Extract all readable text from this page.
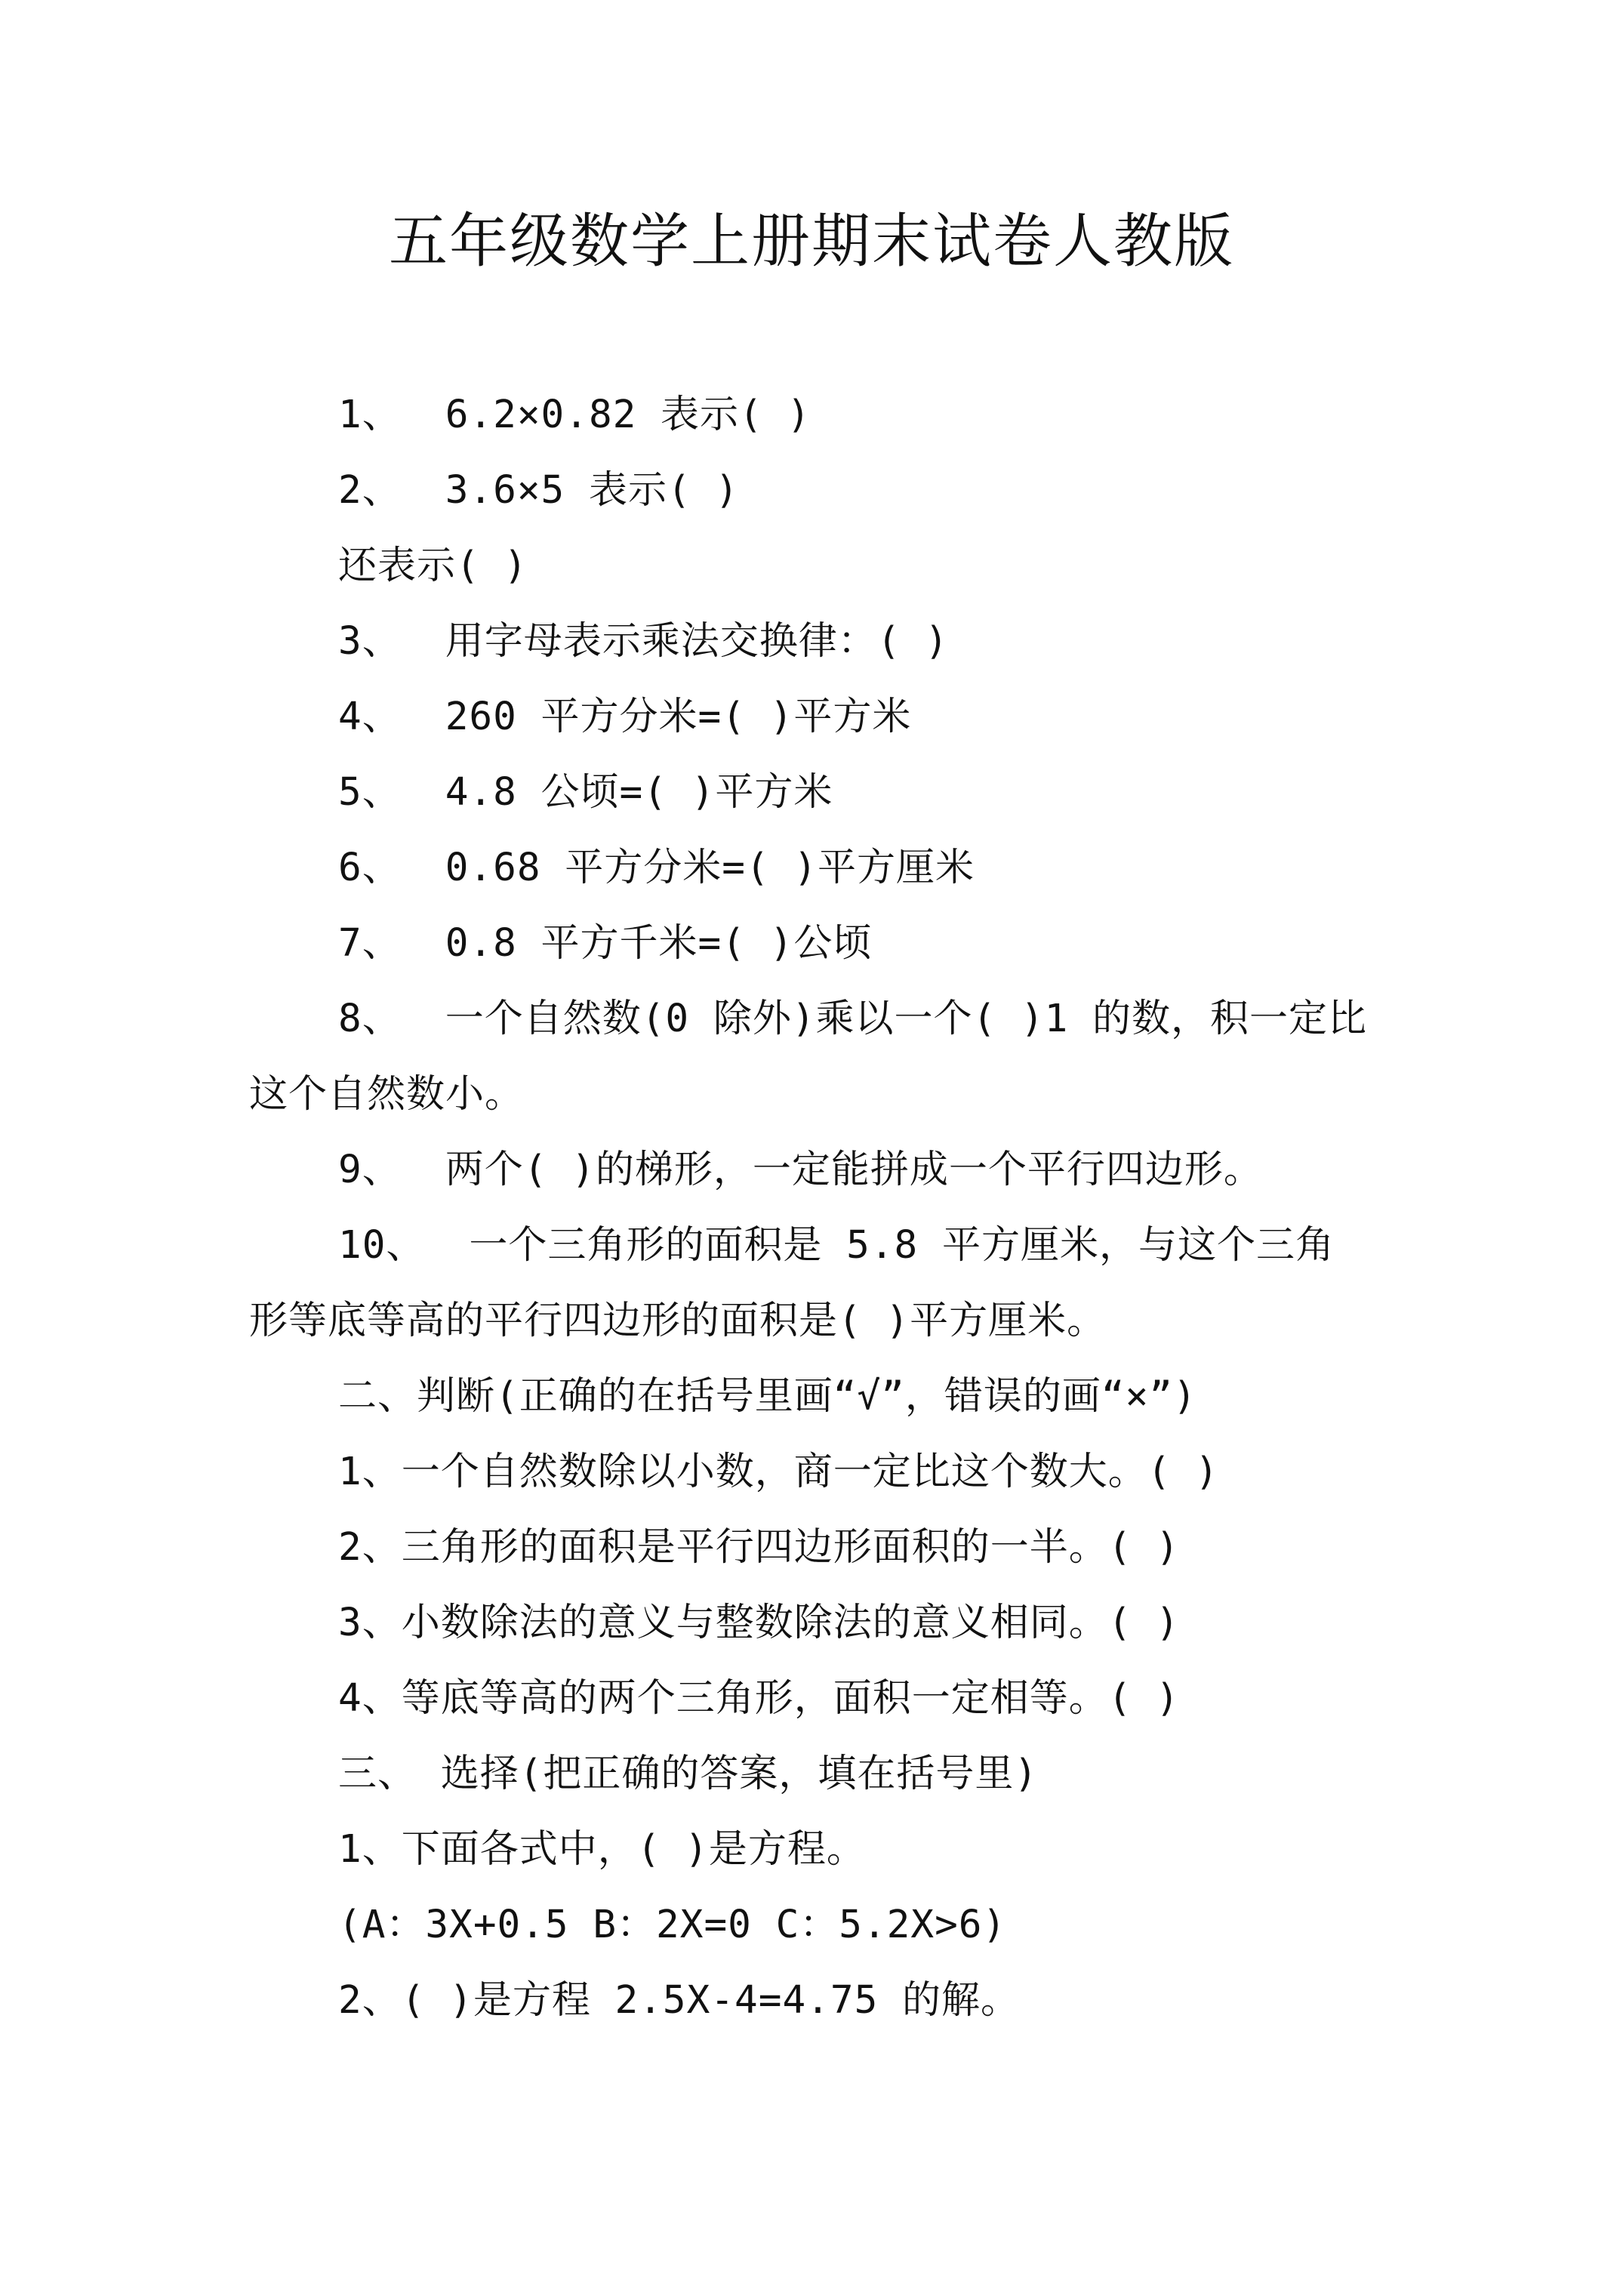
五年级数学上册期末试卷人教版
1、 6.2×0.82 表示( )
2、 3.6×5 表示( )
还表示( )
3、 用字母表示乘法交换律：( )
4、 260 平方分米=( )平方米
5、 4.8 公顷=( )平方米
6、 0.68 平方分米=( )平方厘米
7、 0.8 平方千米=( )公顷
8、 一个自然数(0 除外)乘以一个( )1 的数，积一定比
这个自然数小。
9、 两个( )的梯形，一定能拼成一个平行四边形。
10、 一个三角形的面积是 5.8 平方厘米，与这个三角
形等底等高的平行四边形的面积是( )平方厘米。
二、判断(正确的在括号里画“√”，错误的画“×”)
1、一个自然数除以小数，商一定比这个数大。( )
2、三角形的面积是平行四边形面积的一半。( )
3、小数除法的意义与整数除法的意义相同。( )
4、等底等高的两个三角形，面积一定相等。( )
三、 选择(把正确的答案，填在括号里)
1、下面各式中，( )是方程。
(A：3X+0.5 B：2X=0 C：5.2X>6)
2、( )是方程 2.5X-4=4.75 的解。
